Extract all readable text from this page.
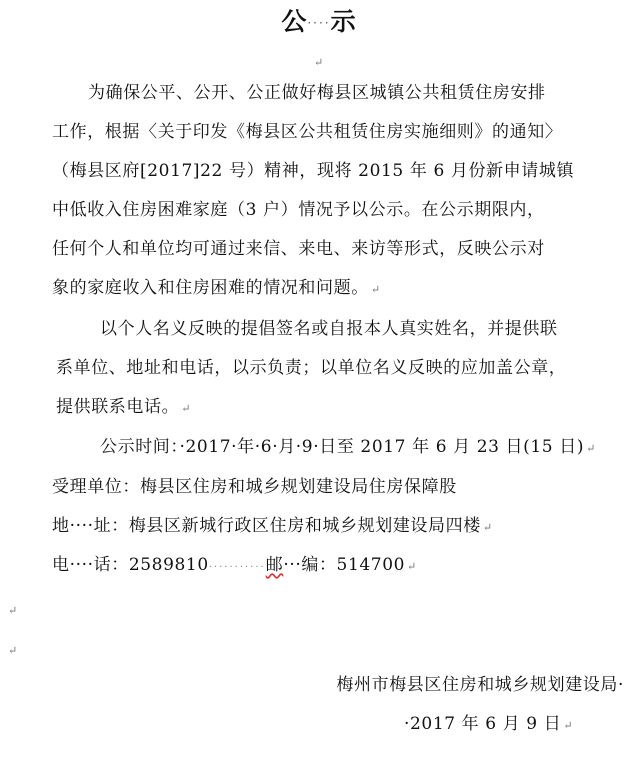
公····示
↵
为确保公平、公开、公正做好梅县区城镇公共租赁住房安排
工作，根据〈关于印发《梅县区公共租赁住房实施细则》的通知〉
（梅县区府[2017]22 号）精神，现将 2015 年 6 月份新申请城镇
中低收入住房困难家庭（3 户）情况予以公示。在公示期限内，
任何个人和单位均可通过来信、来电、来访等形式，反映公示对
象的家庭收入和住房困难的情况和问题。 ↵
以个人名义反映的提倡签名或自报本人真实姓名，并提供联
系单位、地址和电话，以示负责；以单位名义反映的应加盖公章，
提供联系电话。 ↵
公示时间：·2017·年·6·月·9·日至 2017 年 6 月 23 日(15 日) ↵
受理单位：梅县区住房和城乡规划建设局住房保障股
地····址：梅县区新城行政区住房和城乡规划建设局四楼 ↵
电····话：2589810···········邮···编：514700 ↵
↵
↵
梅州市梅县区住房和城乡规划建设局·
·2017 年 6 月 9 日 ↵
